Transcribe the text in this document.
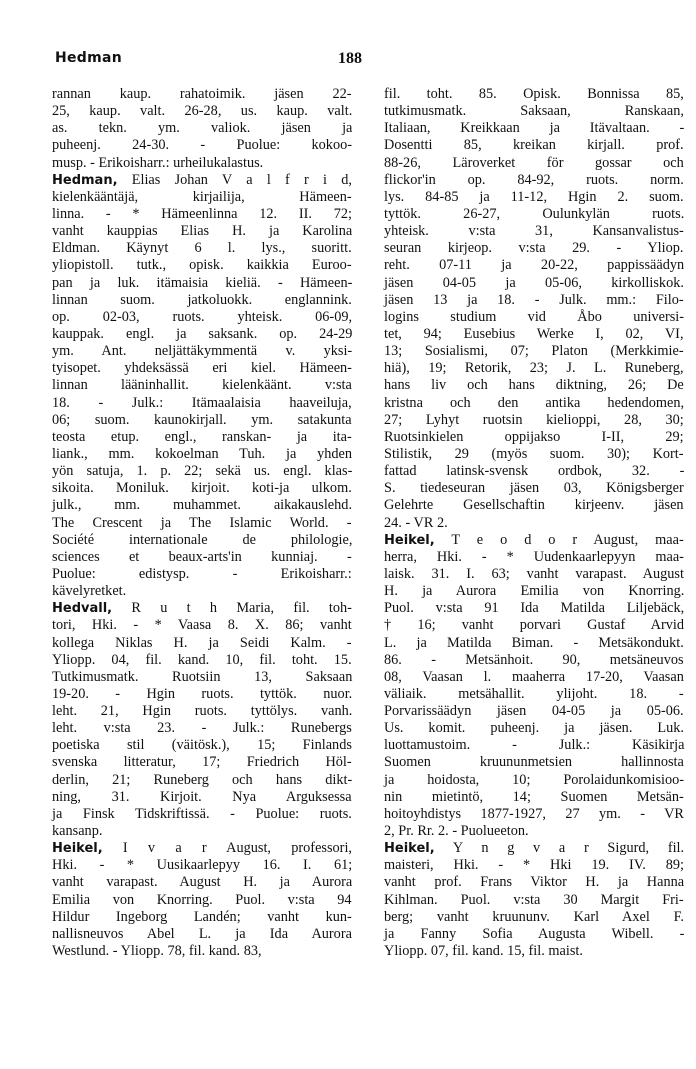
Hedman	188
rannan kaup. rahatoimik. jäsen 22-
25, kaup. valt. 26-28, us. kaup. valt.
as. tekn. ym. valiok. jäsen ja
puheenj. 24-30. - Puolue: kokoo-
musp. - Erikoisharr.: urheilukalastus.
Hedman, Elias Johan V a l f r i d,
kielenkääntäjä, kirjailija, Hämeen-
linna. - * Hämeenlinna 12. II. 72;
vanht kauppias Elias H. ja Karolina
Eldman. Käynyt 6 l. lys., suoritt.
yliopistoll. tutk., opisk. kaikkia Euroo-
pan ja luk. itämaisia kieliä. - Hämeen-
linnan suom. jatkoluokk. englannink.
op. 02-03, ruots. yhteisk. 06-09,
kauppak. engl. ja saksank. op. 24-29
ym. Ant. neljättäkymmentä v. yksi-
tyisopet. yhdeksässä eri kiel. Hämeen-
linnan lääninhallit. kielenkäänt. v:sta
18. - Julk.: Itämaalaisia haaveiluja,
06; suom. kaunokirjall. ym. satakunta
teosta etup. engl., ranskan- ja ita-
liank., mm. kokoelman Tuh. ja yhden
yön satuja, 1. p. 22; sekä us. engl. klas-
sikoita. Moniluk. kirjoit. koti-ja ulkom.
julk., mm. muhammet. aikakauslehd.
The Crescent ja The Islamic World. -
Société internationale de philologie,
sciences et beaux-arts'in kunniaj. -
Puolue: edistysp. - Erikoisharr.:
kävelyretket.
Hedvall, R u t h Maria, fil. toh-
tori, Hki. - * Vaasa 8. X. 86; vanht
kollega Niklas H. ja Seidi Kalm. -
Yliopp. 04, fil. kand. 10, fil. toht. 15.
Tutkimusmatk. Ruotsiin 13, Saksaan
19-20. - Hgin ruots. tyttök. nuor.
leht. 21, Hgin ruots. tyttölys. vanh.
leht. v:sta 23. - Julk.: Runebergs
poetiska stil (väitösk.), 15; Finlands
svenska litteratur, 17; Friedrich Höl-
derlin, 21; Runeberg och hans dikt-
ning, 31. Kirjoit. Nya Arguksessa
ja Finsk Tidskriftissä. - Puolue: ruots.
kansanp.
Heikel, I v a r August, professori,
Hki. - * Uusikaarlepyy 16. I. 61;
vanht varapast. August H. ja Aurora
Emilia von Knorring. Puol. v:sta 94
Hildur Ingeborg Landén; vanht kun-
nallisneuvos Abel L. ja Ida Aurora
Westlund. - Yliopp. 78, fil. kand. 83,
fil. toht. 85. Opisk. Bonnissa 85,
tutkimusmatk. Saksaan, Ranskaan,
Italiaan, Kreikkaan ja Itävaltaan. -
Dosentti 85, kreikan kirjall. prof.
88-26, Läroverket för gossar och
flickor'in op. 84-92, ruots. norm.
lys. 84-85 ja 11-12, Hgin 2. suom.
tyttök. 26-27, Oulunkylän ruots.
yhteisk. v:sta 31, Kansanvalistus-
seuran kirjeop. v:sta 29. - Yliop.
reht. 07-11 ja 20-22, pappissäädyn
jäsen 04-05 ja 05-06, kirkolliskok.
jäsen 13 ja 18. - Julk. mm.: Filo-
logins studium vid Åbo universi-
tet, 94; Eusebius Werke I, 02, VI,
13; Sosialismi, 07; Platon (Merkkimie-
hiä), 19; Retorik, 23; J. L. Runeberg,
hans liv och hans diktning, 26; De
kristna och den antika hedendomen,
27; Lyhyt ruotsin kielioppi, 28, 30;
Ruotsinkielen oppijakso I-II, 29;
Stilistik, 29 (myös suom. 30); Kort-
fattad latinsk-svensk ordbok, 32. -
S. tiedeseuran jäsen 03, Königsberger
Gelehrte Gesellschaftin kirjeenv. jäsen
24. - VR 2.
Heikel, T e o d o r August, maa-
herra, Hki. - * Uudenkaarlepyyn maa-
laisk. 31. I. 63; vanht varapast. August
H. ja Aurora Emilia von Knorring.
Puol. v:sta 91 Ida Matilda Liljebäck,
† 16; vanht porvari Gustaf Arvid
L. ja Matilda Biman. - Metsäkondukt.
86. - Metsänhoit. 90, metsäneuvos
08, Vaasan l. maaherra 17-20, Vaasan
väliaik. metsähallit. ylijoht. 18. -
Porvarissäädyn jäsen 04-05 ja 05-06.
Us. komit. puheenj. ja jäsen. Luk.
luottamustoim. - Julk.: Käsikirja
Suomen kruununmetsien hallinnosta
ja hoidosta, 10; Porolaidunkomisioo-
nin mietintö, 14; Suomen Metsän-
hoitoyhdistys 1877-1927, 27 ym. - VR
2, Pr. Rr. 2. - Puolueeton.
Heikel, Y n g v a r Sigurd, fil.
maisteri, Hki. - * Hki 19. IV. 89;
vanht prof. Frans Viktor H. ja Hanna
Kihlman. Puol. v:sta 30 Margit Fri-
berg; vanht kruununv. Karl Axel F.
ja Fanny Sofia Augusta Wibell. -
Yliopp. 07, fil. kand. 15, fil. maist.
